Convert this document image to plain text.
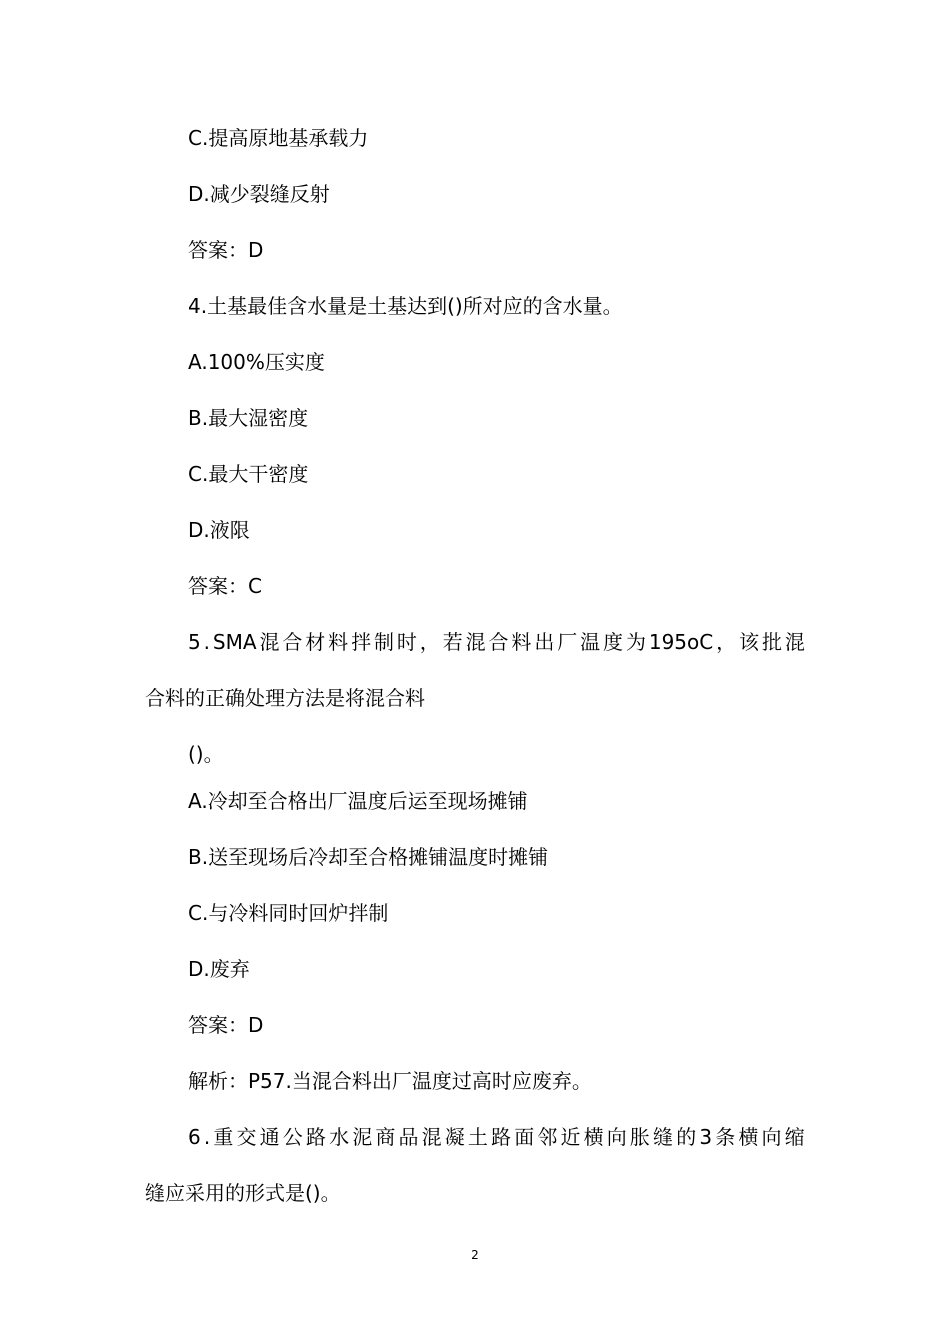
C.提高原地基承载力
D.减少裂缝反射
答案：D
4.土基最佳含水量是土基达到()所对应的含水量。
A.100%压实度
B.最大湿密度
C.最大干密度
D.液限
答案：C
5 . SMA 混 合 材 料 拌 制 时 ， 若 混 合 料 出 厂 温 度 为 195oC ， 该 批 混
合料的正确处理方法是将混合料
()。
A.冷却至合格出厂温度后运至现场摊铺
B.送至现场后冷却至合格摊铺温度时摊铺
C.与冷料同时回炉拌制
D.废弃
答案：D
解析：P57.当混合料出厂温度过高时应废弃。
6 . 重 交 通 公 路 水 泥 商 品 混 凝 土 路 面 邻 近 横 向 胀 缝 的 3 条 横 向 缩
缝应采用的形式是()。
2
